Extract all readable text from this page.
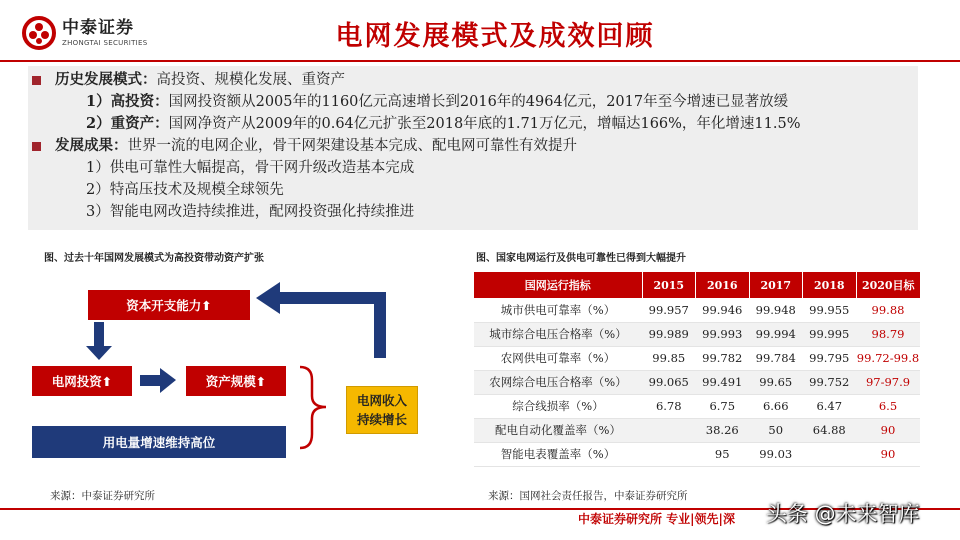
中泰证券
ZHONGTAI SECURITIES	电网发展模式及成效回顾
历史发展模式： 高投资、规模化发展、重资产
1）高投资： 国网投资额从2005年的1160亿元高速增长到2016年的4964亿元，2017年至今增速已显著放缓
2）重资产： 国网净资产从2009年的0.64亿元扩张至2018年底的1.71万亿元，增幅达166%，年化增速11.5%
发展成果： 世界一流的电网企业，骨干网架建设基本完成、配电网可靠性有效提升
1）供电可靠性大幅提高，骨干网升级改造基本完成
2）特高压技术及规模全球领先
3）智能电网改造持续推进，配网投资强化持续推进
图、过去十年国网发展模式为高投资带动资产扩张
资本开支能力⬆
电网投资⬆	资产规模⬆
用电量增速维持高位
电网收入持续增长
来源：中泰证券研究所
图、国家电网运行及供电可靠性已得到大幅提升
国网运行指标	2015	2016	2017	2018	2020目标
城市供电可靠率（%）	99.957	99.946	99.948	99.955	99.88
城市综合电压合格率（%）	99.989	99.993	99.994	99.995	98.79
农网供电可靠率（%）	99.85	99.782	99.784	99.795	99.72-99.8
农网综合电压合格率（%）	99.065	99.491	99.65	99.752	97-97.9
综合线损率（%）	6.78	6.75	6.66	6.47	6.5
配电自动化覆盖率（%）		38.26	50	64.88	90
智能电表覆盖率（%）		95	99.03		90
来源：国网社会责任报告，中泰证券研究所
中泰证券研究所 专业|领先|深 头条 @未来智库
